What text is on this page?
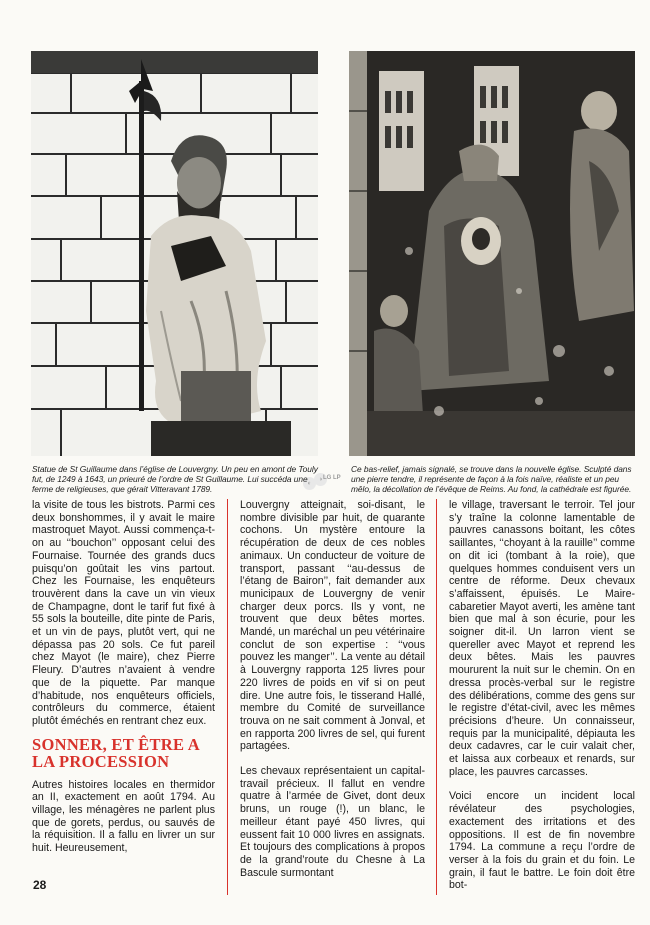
◐
◑ LG LP
Statue de St Guillaume dans l’église de Louvergny. Un peu en amont de Touly fut, de 1249 à 1643, un prieuré de l’ordre de St Guillaume. Lui succéda une ferme de religieuses, que gérait Vitteravant 1789.
Ce bas-relief, jamais signalé, se trouve dans la nouvelle église. Sculpté dans une pierre tendre, il représente de façon à la fois naïve, réaliste et un peu mêlo, la décollation de l’évêque de Reims. Au fond, la cathédrale est figurée.

la visite de tous les bistrots. Parmi ces deux bonshommes, il y avait le maire mastroquet Mayot. Aussi commença-t-on au ‘‘bouchon’’ opposant celui des Fournaise. Tournée des grands ducs puisqu’on goûtait les vins partout. Chez les Fournaise, les enquêteurs trouvèrent dans la cave un vin vieux de Champagne, dont le tarif fut fixé à 55 sols la bouteille, dite pinte de Paris, et un vin de pays, plutôt vert, qui ne dépassa pas 20 sols. Ce fut pareil chez Mayot (le maire), chez Pierre Fleury. D’autres n’avaient à vendre que de la piquette. Par manque d’habitude, nos enquêteurs officiels, contrôleurs du commerce, étaient plutôt éméchés en rentrant chez eux.

SONNER, ET ÊTRE A LA PROCESSION

Autres histoires locales en thermidor an II, exactement en août 1794. Au village, les ménagères ne parlent plus que de gorets, perdus, ou sauvés de la réquisition. Il a fallu en livrer un sur huit. Heureusement,

Louvergny atteignait, soi-disant, le nombre divisible par huit, de quarante cochons. Un mystère entoure la récupération de deux de ces nobles animaux. Un conducteur de voiture de transport, passant ‘‘au-dessus de l’étang de Bairon’’, fait demander aux municipaux de Louvergny de venir charger deux porcs. Ils y vont, ne trouvent que deux bêtes mortes. Mandé, un maréchal un peu vétérinaire conclut de son expertise : ‘‘vous pouvez les manger’’. La vente au détail à Louvergny rapporta 125 livres pour 220 livres de poids en vif si on peut dire. Une autre fois, le tisserand Hallé, membre du Comité de surveillance trouva on ne sait comment à Jonval, et en rapporta 200 livres de sel, qui furent partagées.

Les chevaux représentaient un capital-travail précieux. Il fallut en vendre quatre à l’armée de Givet, dont deux bruns, un rouge (!), un blanc, le meilleur étant payé 450 livres, qui eussent fait 10 000 livres en assignats. Et toujours des complications à propos de la grand’route du Chesne à La Bascule surmontant

le village, traversant le terroir. Tel jour s’y traîne la colonne lamentable de pauvres canassons boitant, les côtes saillantes, ‘‘choyant à la rauille’’ comme on dit ici (tombant à la roie), que quelques hommes conduisent vers un centre de réforme. Deux chevaux s’affaissent, épuisés. Le Maire-cabaretier Mayot averti, les amène tant bien que mal à son écurie, pour les soigner dit-il. Un larron vient se quereller avec Mayot et reprend les deux bêtes. Mais les pauvres moururent la nuit sur le chemin. On en dressa procès-verbal sur le registre des délibérations, comme des gens sur le registre d’état-civil, avec les mêmes précisions d’heure. Un connaisseur, requis par la municipalité, dépiauta les deux cadavres, car le cuir valait cher, et laissa aux corbeaux et renards, sur place, les pauvres carcasses.

Voici encore un incident local révélateur des psychologies, exactement des irritations et des oppositions. Il est de fin novembre 1794. La commune a reçu l’ordre de verser à la fois du grain et du foin. Le grain, il faut le battre. Le foin doit être bot-

28
